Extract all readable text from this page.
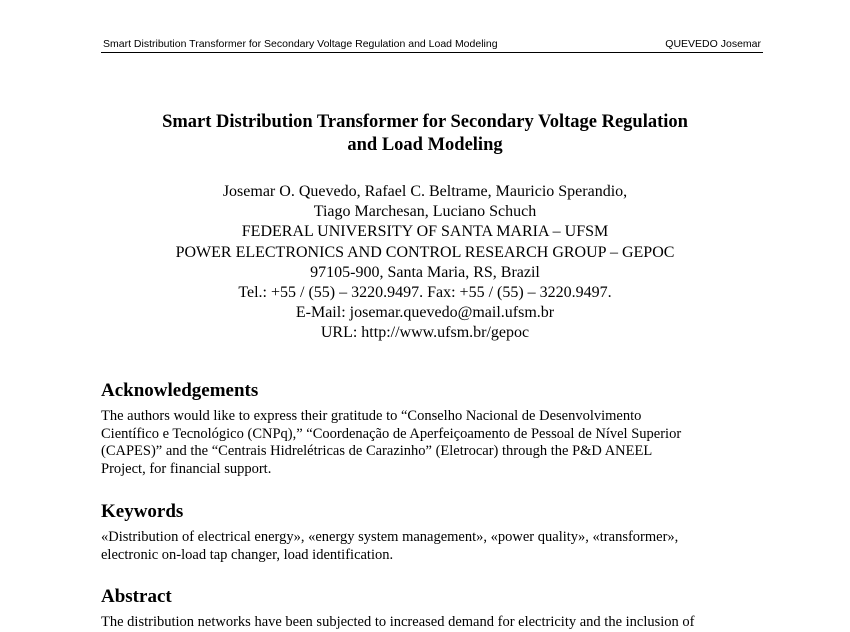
Smart Distribution Transformer for Secondary Voltage Regulation and Load Modeling	QUEVEDO Josemar
Smart Distribution Transformer for Secondary Voltage Regulation
and Load Modeling
Josemar O. Quevedo, Rafael C. Beltrame, Mauricio Sperandio,
Tiago Marchesan, Luciano Schuch
FEDERAL UNIVERSITY OF SANTA MARIA – UFSM
POWER ELECTRONICS AND CONTROL RESEARCH GROUP – GEPOC
97105-900, Santa Maria, RS, Brazil
Tel.: +55 / (55) – 3220.9497. Fax: +55 / (55) – 3220.9497.
E-Mail: josemar.quevedo@mail.ufsm.br
URL: http://www.ufsm.br/gepoc
Acknowledgements

The authors would like to express their gratitude to “Conselho Nacional de Desenvolvimento
Científico e Tecnológico (CNPq),” “Coordenação de Aperfeiçoamento de Pessoal de Nível Superior
(CAPES)” and the “Centrais Hidrelétricas de Carazinho” (Eletrocar) through the P&D ANEEL
Project, for financial support.

Keywords

«Distribution of electrical energy», «energy system management», «power quality», «transformer»,
electronic on-load tap changer, load identification.

Abstract

The distribution networks have been subjected to increased demand for electricity and the inclusion of
